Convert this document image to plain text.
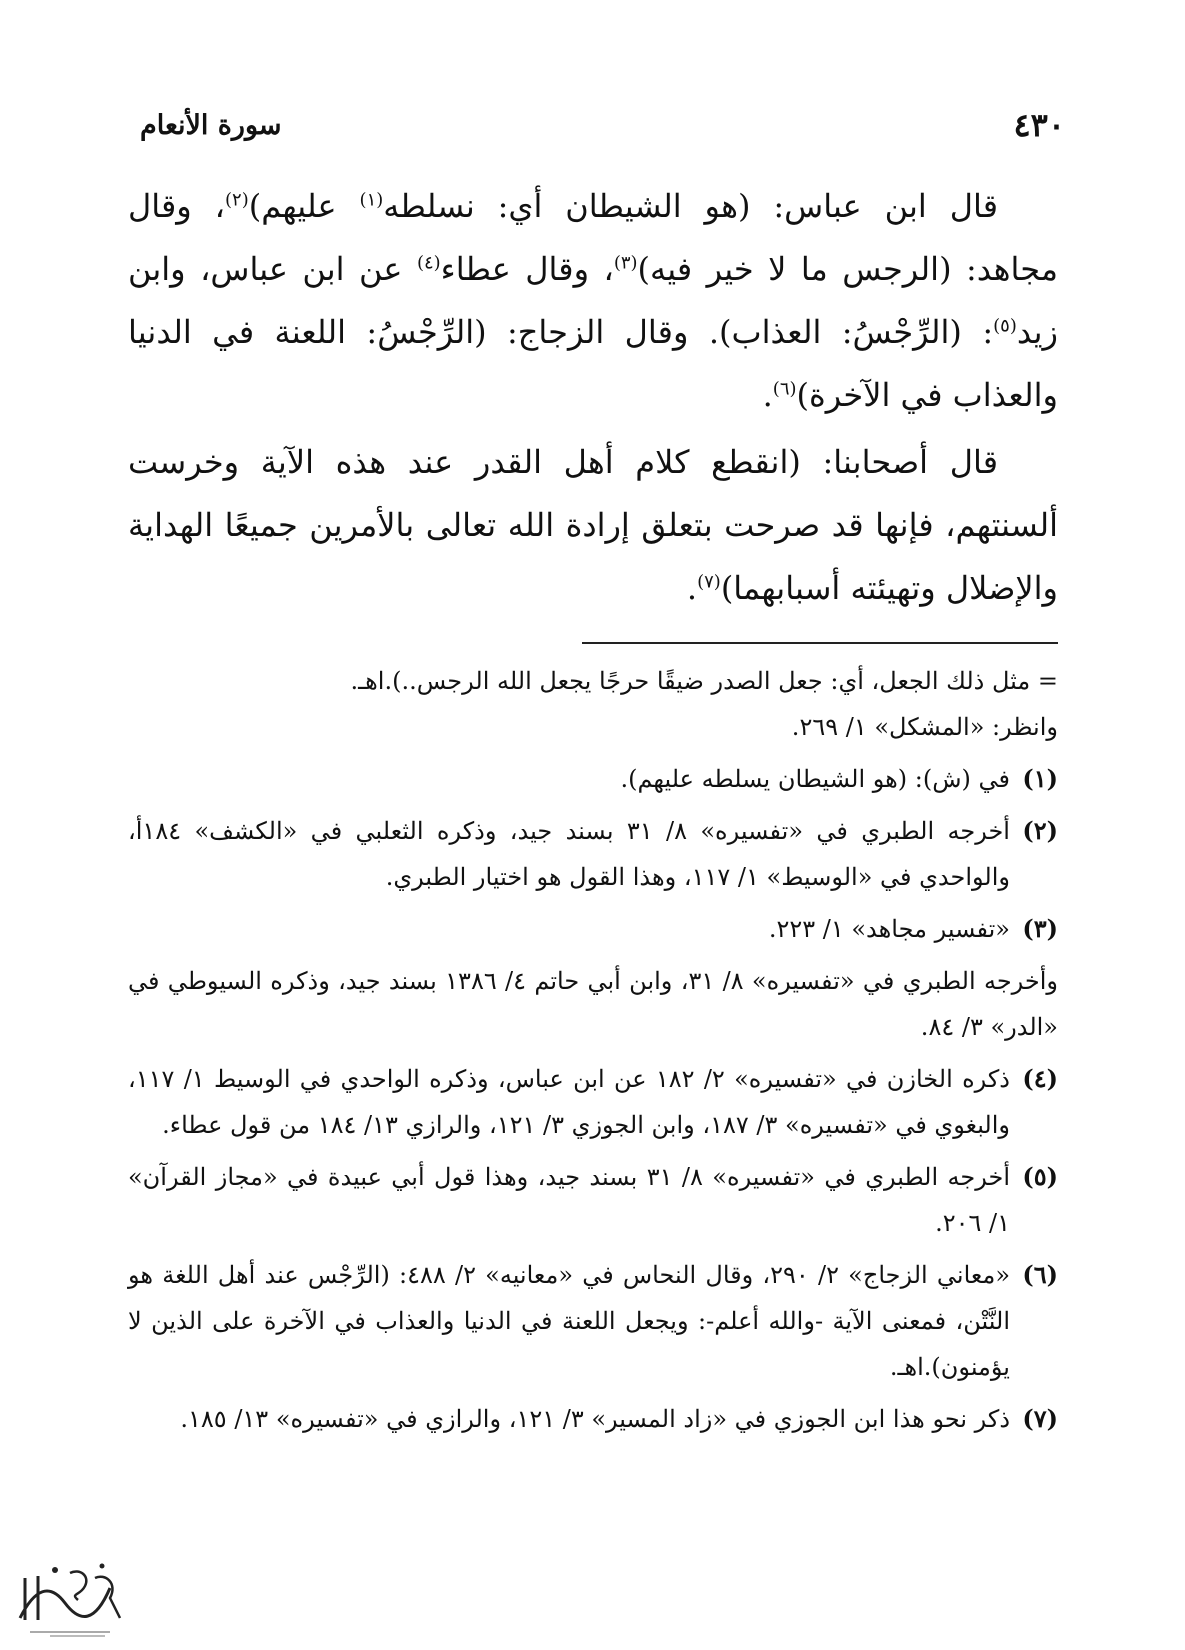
٤٣٠
سورة الأنعام

قال ابن عباس: (هو الشيطان أي: نسلطه$^{(١)}$ عليهم)$^{(٢)}$، وقال مجاهد: (الرجس ما لا خير فيه)$^{(٣)}$، وقال عطاء$^{(٤)}$ عن ابن عباس، وابن زيد$^{(٥)}$: (الرِّجْسُ: العذاب). وقال الزجاج: (الرِّجْسُ: اللعنة في الدنيا والعذاب في الآخرة)$^{(٦)}$.

قال أصحابنا: (انقطع كلام أهل القدر عند هذه الآية وخرست ألسنتهم، فإنها قد صرحت بتعلق إرادة الله تعالى بالأمرين جميعًا الهداية والإضلال وتهيئته أسبابهما)$^{(٧)}$.

= مثل ذلك الجعل، أي: جعل الصدر ضيقًا حرجًا يجعل الله الرجس..).اهـ.
وانظر: «المشكل» ١/ ٢٦٩.
(١)
في (ش): (هو الشيطان يسلطه عليهم).
(٢)
أخرجه الطبري في «تفسيره» ٨/ ٣١ بسند جيد، وذكره الثعلبي في «الكشف» ١٨٤أ، والواحدي في «الوسيط» ١/ ١١٧، وهذا القول هو اختيار الطبري.
(٣)
«تفسير مجاهد» ١/ ٢٢٣.
وأخرجه الطبري في «تفسيره» ٨/ ٣١، وابن أبي حاتم ٤/ ١٣٨٦ بسند جيد، وذكره السيوطي في «الدر» ٣/ ٨٤.
(٤)
ذكره الخازن في «تفسيره» ٢/ ١٨٢ عن ابن عباس، وذكره الواحدي في الوسيط ١/ ١١٧، والبغوي في «تفسيره» ٣/ ١٨٧، وابن الجوزي ٣/ ١٢١، والرازي ١٣/ ١٨٤ من قول عطاء.
(٥)
أخرجه الطبري في «تفسيره» ٨/ ٣١ بسند جيد، وهذا قول أبي عبيدة في «مجاز القرآن» ١/ ٢٠٦.
(٦)
«معاني الزجاج» ٢/ ٢٩٠، وقال النحاس في «معانيه» ٢/ ٤٨٨: (الرِّجْس عند أهل اللغة هو النَّتْن، فمعنى الآية -والله أعلم-: ويجعل اللعنة في الدنيا والعذاب في الآخرة على الذين لا يؤمنون).اهـ.
(٧)
ذكر نحو هذا ابن الجوزي في «زاد المسير» ٣/ ١٢١، والرازي في «تفسيره» ١٣/ ١٨٥.
